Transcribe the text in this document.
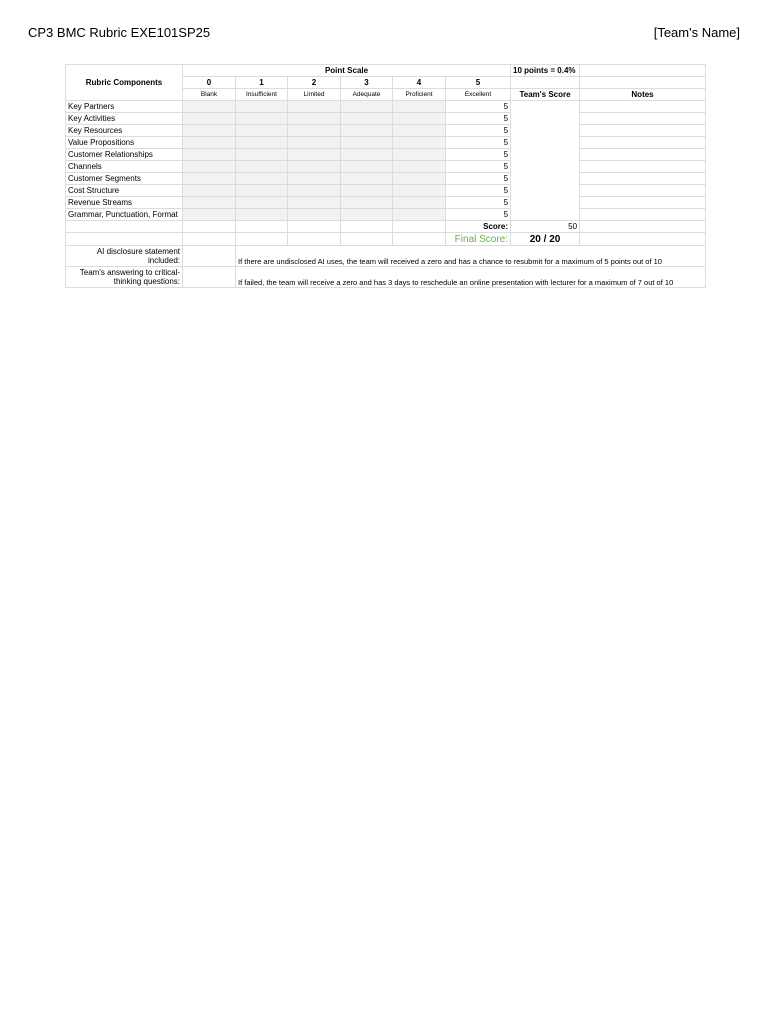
CP3 BMC Rubric EXE101SP25	[Team's Name]
Rubric Components	Point Scale						10 points = 0.4%	
	0	1	2	3	4	5		
	Blank	Insufficient	Limited	Adequate	Proficient	Excellent	Team's Score	Notes
Key Partners						5		
Key Activities						5		
Key Resources						5		
Value Propositions						5		
Customer Relationships						5		
Channels						5		
Customer Segments						5		
Cost Structure						5		
Revenue Streams						5		
Grammar, Punctuation, Format						5		
						Score:	50	
						Final Score:	20 / 20	
AI disclosure statement included:		If there are undisclosed AI uses, the team will received a zero and has a chance to resubmit for a maximum of 5 points out of 10						
Team's answering to critical-thinking questions:		If failed, the team will receive a zero and has 3 days to reschedule an online presentation with lecturer for a maximum of 7 out of 10						
